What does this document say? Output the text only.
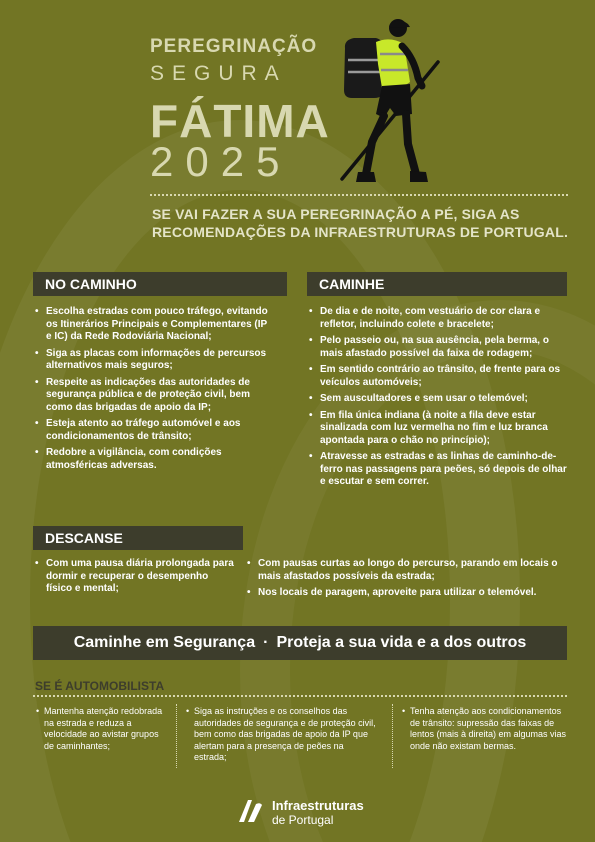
PEREGRINAÇÃO
SEGURA
FÁTIMA
2025
SE VAI FAZER A SUA PEREGRINAÇÃO A PÉ, SIGA AS RECOMENDAÇÕES DA INFRAESTRUTURAS DE PORTUGAL.
NO CAMINHO
• Escolha estradas com pouco tráfego, evitando os Itinerários Principais e Complementares (IP e IC) da Rede Rodoviária Nacional;
• Siga as placas com informações de percursos alternativos mais seguros;
• Respeite as indicações das autoridades de segurança pública e de proteção civil, bem como das brigadas de apoio da IP;
• Esteja atento ao tráfego automóvel e aos condicionamentos de trânsito;
• Redobre a vigilância, com condições atmosféricas adversas.
CAMINHE
• De dia e de noite, com vestuário de cor clara e refletor, incluindo colete e bracelete;
• Pelo passeio ou, na sua ausência, pela berma, o mais afastado possível da faixa de rodagem;
• Em sentido contrário ao trânsito, de frente para os veículos automóveis;
• Sem auscultadores e sem usar o telemóvel;
• Em fila única indiana (à noite a fila deve estar sinalizada com luz vermelha no fim e luz branca apontada para o chão no princípio);
• Atravesse as estradas e as linhas de caminho-de-ferro nas passagens para peões, só depois de olhar e escutar e sem correr.
DESCANSE
• Com uma pausa diária prolongada para dormir e recuperar o desempenho físico e mental;
• Com pausas curtas ao longo do percurso, parando em locais o mais afastados possíveis da estrada;
• Nos locais de paragem, aproveite para utilizar o telemóvel.
Caminhe em Segurança · Proteja a sua vida e a dos outros
SE É AUTOMOBILISTA
• Mantenha atenção redobrada na estrada e reduza a velocidade ao avistar grupos de caminhantes;
• Siga as instruções e os conselhos das autoridades de segurança e de proteção civil, bem como das brigadas de apoio da IP que alertam para a presença de peões na estrada;
• Tenha atenção aos condicionamentos de trânsito: supressão das faixas de lentos (mais à direita) em algumas vias onde não existam bermas.
Infraestruturas
de Portugal
